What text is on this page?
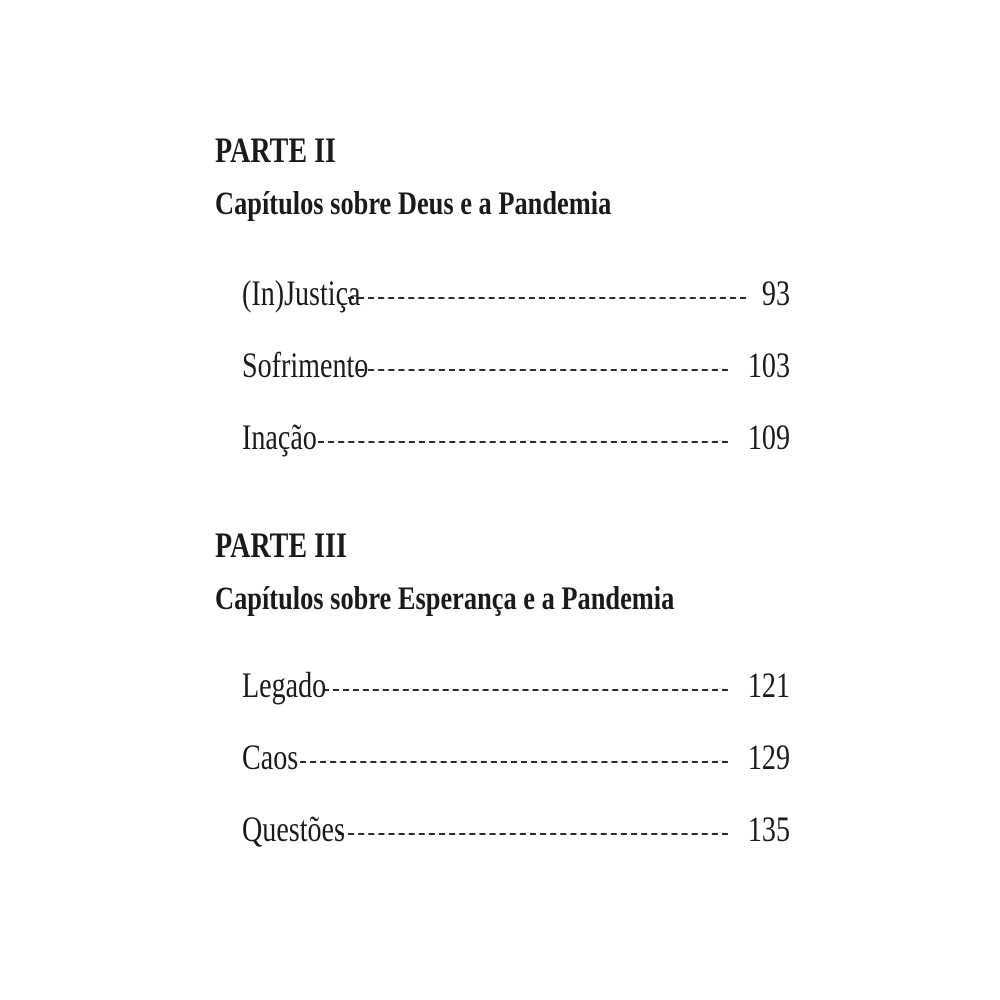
PARTE II
Capítulos sobre Deus e a Pandemia
(In)Justiça	93
Sofrimento	103
Inação	109
PARTE III
Capítulos sobre Esperança e a Pandemia
Legado	121
Caos	129
Questões	135
